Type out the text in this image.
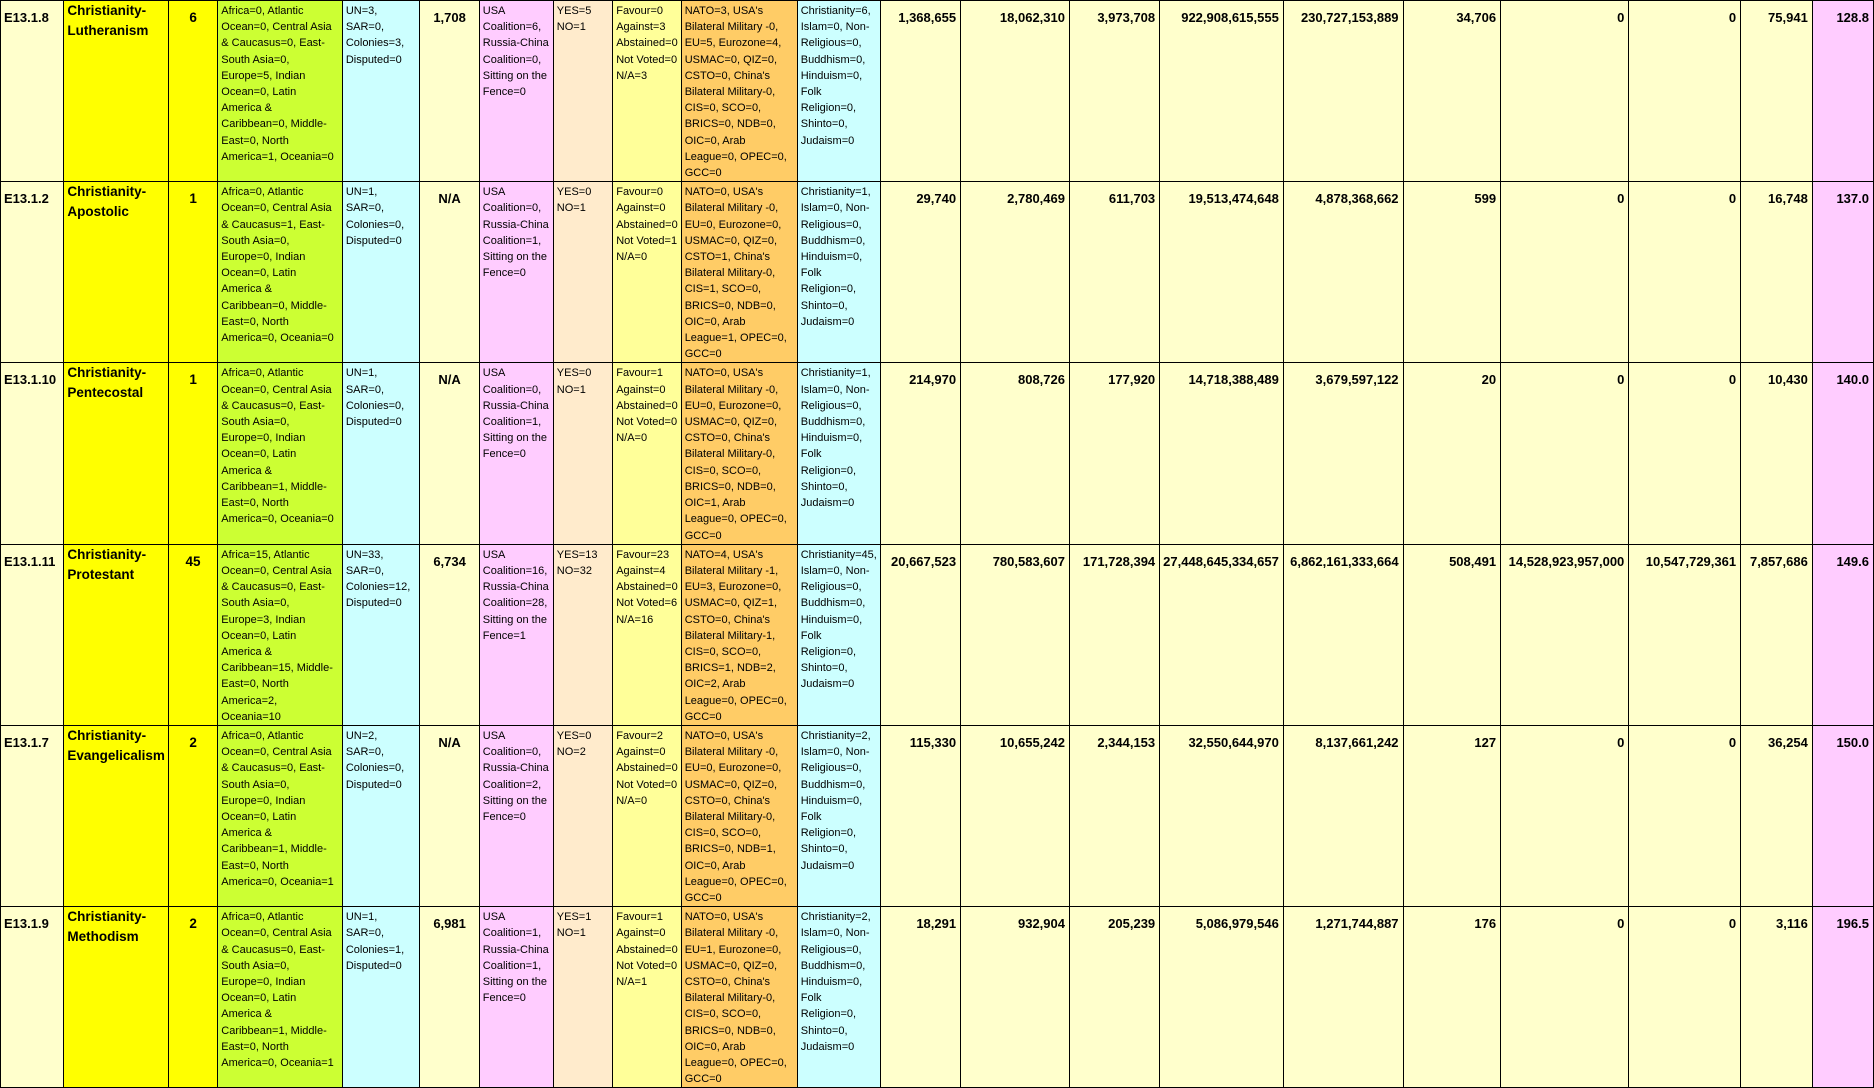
E13.1.8	Christianity-Lutheranism	6	Africa=0, Atlantic Ocean=0, Central Asia & Caucasus=0, East-South Asia=0, Europe=5, Indian Ocean=0, Latin America & Caribbean=0, Middle-East=0, North America=1, Oceania=0	UN=3, SAR=0, Colonies=3, Disputed=0	1,708	USA Coalition=6, Russia-China Coalition=0, Sitting on the Fence=0	YES=5 NO=1	Favour=0 Against=3 Abstained=0 Not Voted=0 N/A=3	NATO=3, USA's Bilateral Military -0, EU=5, Eurozone=4, USMAC=0, QIZ=0, CSTO=0, China's Bilateral Military-0, CIS=0, SCO=0, BRICS=0, NDB=0, OIC=0, Arab League=0, OPEC=0, GCC=0	Christianity=6, Islam=0, Non-Religious=0, Buddhism=0, Hinduism=0, Folk Religion=0, Shinto=0, Judaism=0	1,368,655	18,062,310	3,973,708	922,908,615,555	230,727,153,889	34,706	0	0	75,941	128.8
E13.1.2	Christianity-Apostolic	1	Africa=0, Atlantic Ocean=0, Central Asia & Caucasus=1, East-South Asia=0, Europe=0, Indian Ocean=0, Latin America & Caribbean=0, Middle-East=0, North America=0, Oceania=0	UN=1, SAR=0, Colonies=0, Disputed=0	N/A	USA Coalition=0, Russia-China Coalition=1, Sitting on the Fence=0	YES=0 NO=1	Favour=0 Against=0 Abstained=0 Not Voted=1 N/A=0	NATO=0, USA's Bilateral Military -0, EU=0, Eurozone=0, USMAC=0, QIZ=0, CSTO=1, China's Bilateral Military-0, CIS=1, SCO=0, BRICS=0, NDB=0, OIC=0, Arab League=1, OPEC=0, GCC=0	Christianity=1, Islam=0, Non-Religious=0, Buddhism=0, Hinduism=0, Folk Religion=0, Shinto=0, Judaism=0	29,740	2,780,469	611,703	19,513,474,648	4,878,368,662	599	0	0	16,748	137.0
E13.1.10	Christianity-Pentecostal	1	Africa=0, Atlantic Ocean=0, Central Asia & Caucasus=0, East-South Asia=0, Europe=0, Indian Ocean=0, Latin America & Caribbean=1, Middle-East=0, North America=0, Oceania=0	UN=1, SAR=0, Colonies=0, Disputed=0	N/A	USA Coalition=0, Russia-China Coalition=1, Sitting on the Fence=0	YES=0 NO=1	Favour=1 Against=0 Abstained=0 Not Voted=0 N/A=0	NATO=0, USA's Bilateral Military -0, EU=0, Eurozone=0, USMAC=0, QIZ=0, CSTO=0, China's Bilateral Military-0, CIS=0, SCO=0, BRICS=0, NDB=0, OIC=1, Arab League=0, OPEC=0, GCC=0	Christianity=1, Islam=0, Non-Religious=0, Buddhism=0, Hinduism=0, Folk Religion=0, Shinto=0, Judaism=0	214,970	808,726	177,920	14,718,388,489	3,679,597,122	20	0	0	10,430	140.0
E13.1.11	Christianity-Protestant	45	Africa=15, Atlantic Ocean=0, Central Asia & Caucasus=0, East-South Asia=0, Europe=3, Indian Ocean=0, Latin America & Caribbean=15, Middle-East=0, North America=2, Oceania=10	UN=33, SAR=0, Colonies=12, Disputed=0	6,734	USA Coalition=16, Russia-China Coalition=28, Sitting on the Fence=1	YES=13 NO=32	Favour=23 Against=4 Abstained=0 Not Voted=6 N/A=16	NATO=4, USA's Bilateral Military -1, EU=3, Eurozone=0, USMAC=0, QIZ=1, CSTO=0, China's Bilateral Military-1, CIS=0, SCO=0, BRICS=1, NDB=2, OIC=2, Arab League=0, OPEC=0, GCC=0	Christianity=45, Islam=0, Non-Religious=0, Buddhism=0, Hinduism=0, Folk Religion=0, Shinto=0, Judaism=0	20,667,523	780,583,607	171,728,394	27,448,645,334,657	6,862,161,333,664	508,491	14,528,923,957,000	10,547,729,361	7,857,686	149.6
E13.1.7	Christianity-Evangelicalism	2	Africa=0, Atlantic Ocean=0, Central Asia & Caucasus=0, East-South Asia=0, Europe=0, Indian Ocean=0, Latin America & Caribbean=1, Middle-East=0, North America=0, Oceania=1	UN=2, SAR=0, Colonies=0, Disputed=0	N/A	USA Coalition=0, Russia-China Coalition=2, Sitting on the Fence=0	YES=0 NO=2	Favour=2 Against=0 Abstained=0 Not Voted=0 N/A=0	NATO=0, USA's Bilateral Military -0, EU=0, Eurozone=0, USMAC=0, QIZ=0, CSTO=0, China's Bilateral Military-0, CIS=0, SCO=0, BRICS=0, NDB=1, OIC=0, Arab League=0, OPEC=0, GCC=0	Christianity=2, Islam=0, Non-Religious=0, Buddhism=0, Hinduism=0, Folk Religion=0, Shinto=0, Judaism=0	115,330	10,655,242	2,344,153	32,550,644,970	8,137,661,242	127	0	0	36,254	150.0
E13.1.9	Christianity-Methodism	2	Africa=0, Atlantic Ocean=0, Central Asia & Caucasus=0, East-South Asia=0, Europe=0, Indian Ocean=0, Latin America & Caribbean=1, Middle-East=0, North America=0, Oceania=1	UN=1, SAR=0, Colonies=1, Disputed=0	6,981	USA Coalition=1, Russia-China Coalition=1, Sitting on the Fence=0	YES=1 NO=1	Favour=1 Against=0 Abstained=0 Not Voted=0 N/A=1	NATO=0, USA's Bilateral Military -0, EU=1, Eurozone=0, USMAC=0, QIZ=0, CSTO=0, China's Bilateral Military-0, CIS=0, SCO=0, BRICS=0, NDB=0, OIC=0, Arab League=0, OPEC=0, GCC=0	Christianity=2, Islam=0, Non-Religious=0, Buddhism=0, Hinduism=0, Folk Religion=0, Shinto=0, Judaism=0	18,291	932,904	205,239	5,086,979,546	1,271,744,887	176	0	0	3,116	196.5
